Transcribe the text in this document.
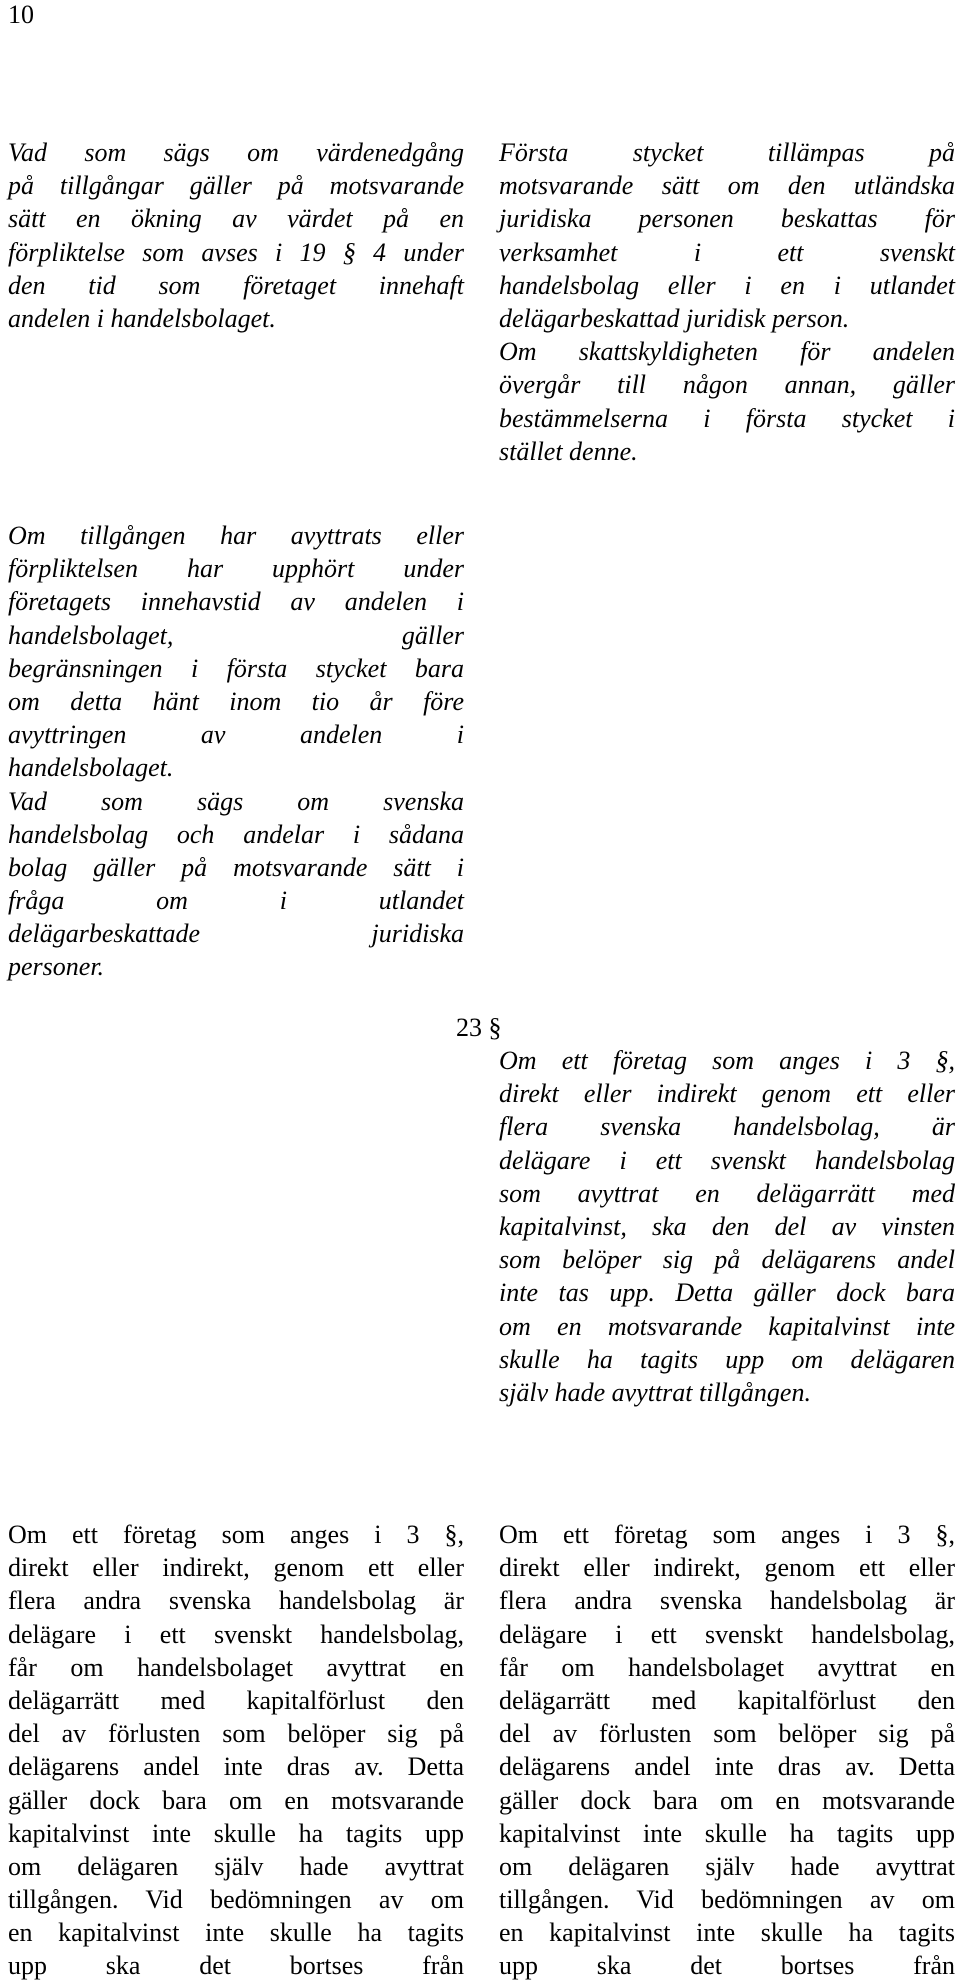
10
Vad som sägs om värdenedgång
på tillgångar gäller på motsvarande
sätt en ökning av värdet på en
förpliktelse som avses i 19 § 4 under
den tid som företaget innehaft
andelen i handelsbolaget.
Om tillgången har avyttrats eller
förpliktelsen har upphört under
företagets innehavstid av andelen i
handelsbolaget, gäller
begränsningen i första stycket bara
om detta hänt inom tio år före
avyttringen av andelen i
handelsbolaget.
Vad som sägs om svenska
handelsbolag och andelar i sådana
bolag gäller på motsvarande sätt i
fråga om i utlandet
delägarbeskattade juridiska
personer.
Första stycket tillämpas på
motsvarande sätt om den utländska
juridiska personen beskattas för
verksamhet i ett svenskt
handelsbolag eller i en i utlandet
delägarbeskattad juridisk person.
Om skattskyldigheten för andelen
övergår till någon annan, gäller
bestämmelserna i första stycket i
stället denne.
23 §
Om ett företag som anges i 3 §,
direkt eller indirekt genom ett eller
flera svenska handelsbolag, är
delägare i ett svenskt handelsbolag
som avyttrat en delägarrätt med
kapitalvinst, ska den del av vinsten
som belöper sig på delägarens andel
inte tas upp. Detta gäller dock bara
om en motsvarande kapitalvinst inte
skulle ha tagits upp om delägaren
själv hade avyttrat tillgången.
Om ett företag som anges i 3 §,
direkt eller indirekt, genom ett eller
flera andra svenska handelsbolag är
delägare i ett svenskt handelsbolag,
får om handelsbolaget avyttrat en
delägarrätt med kapitalförlust den
del av förlusten som belöper sig på
delägarens andel inte dras av. Detta
gäller dock bara om en motsvarande
kapitalvinst inte skulle ha tagits upp
om delägaren själv hade avyttrat
tillgången. Vid bedömningen av om
en kapitalvinst inte skulle ha tagits
upp ska det bortses från
Om ett företag som anges i 3 §,
direkt eller indirekt, genom ett eller
flera andra svenska handelsbolag är
delägare i ett svenskt handelsbolag,
får om handelsbolaget avyttrat en
delägarrätt med kapitalförlust den
del av förlusten som belöper sig på
delägarens andel inte dras av. Detta
gäller dock bara om en motsvarande
kapitalvinst inte skulle ha tagits upp
om delägaren själv hade avyttrat
tillgången. Vid bedömningen av om
en kapitalvinst inte skulle ha tagits
upp ska det bortses från
